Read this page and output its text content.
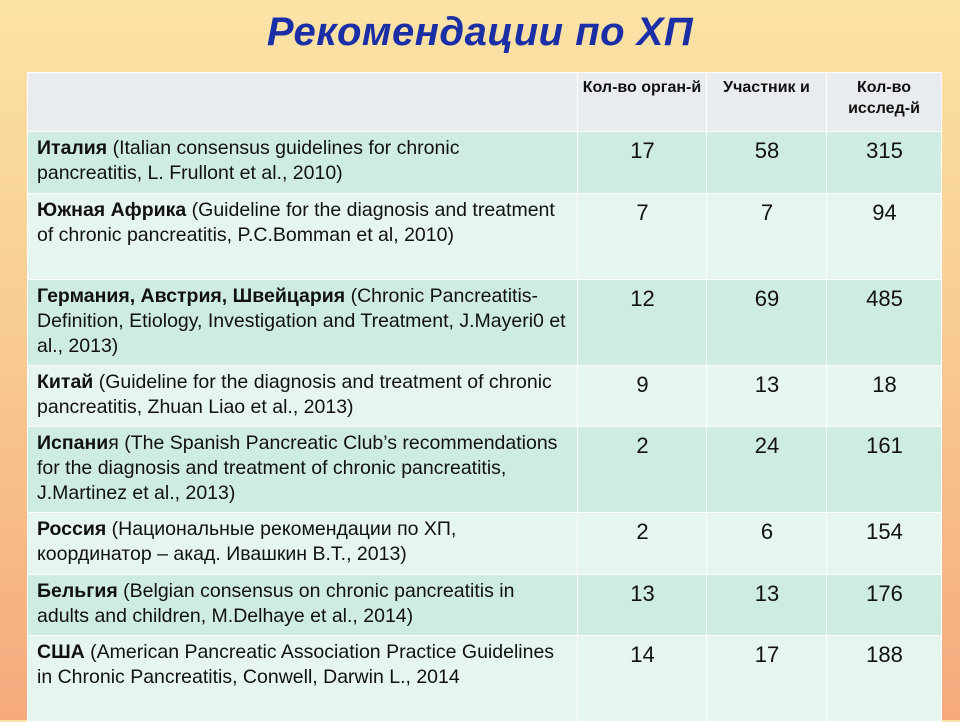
Рекомендации по ХП
	Кол-во орган-й	Участник и	Кол-во исслед-й
Италия (Italian consensus guidelines for chronic pancreatitis, L. Frullont et al., 2010)	17	58	315
Южная Африка (Guideline for the diagnosis and treatment of chronic pancreatitis, P.C.Bomman et al, 2010)	7	7	94
Германия, Австрия, Швейцария (Chronic Pancreatitis-Definition, Etiology, Investigation and Treatment, J.Mayeri0 et al., 2013)	12	69	485
Китай (Guideline for the diagnosis and treatment of chronic pancreatitis, Zhuan Liao et al., 2013)	9	13	18
Испания (The Spanish Pancreatic Club’s recommendations for the diagnosis and treatment of chronic pancreatitis, J.Martinez et al., 2013)	2	24	161
Россия (Национальные рекомендации по ХП, координатор – акад. Ивашкин В.Т., 2013)	2	6	154
Бельгия (Belgian consensus on chronic pancreatitis in adults and children, M.Delhaye et al., 2014)	13	13	176
США (American Pancreatic Association Practice Guidelines in Chronic Pancreatitis, Conwell, Darwin L., 2014	14	17	188
